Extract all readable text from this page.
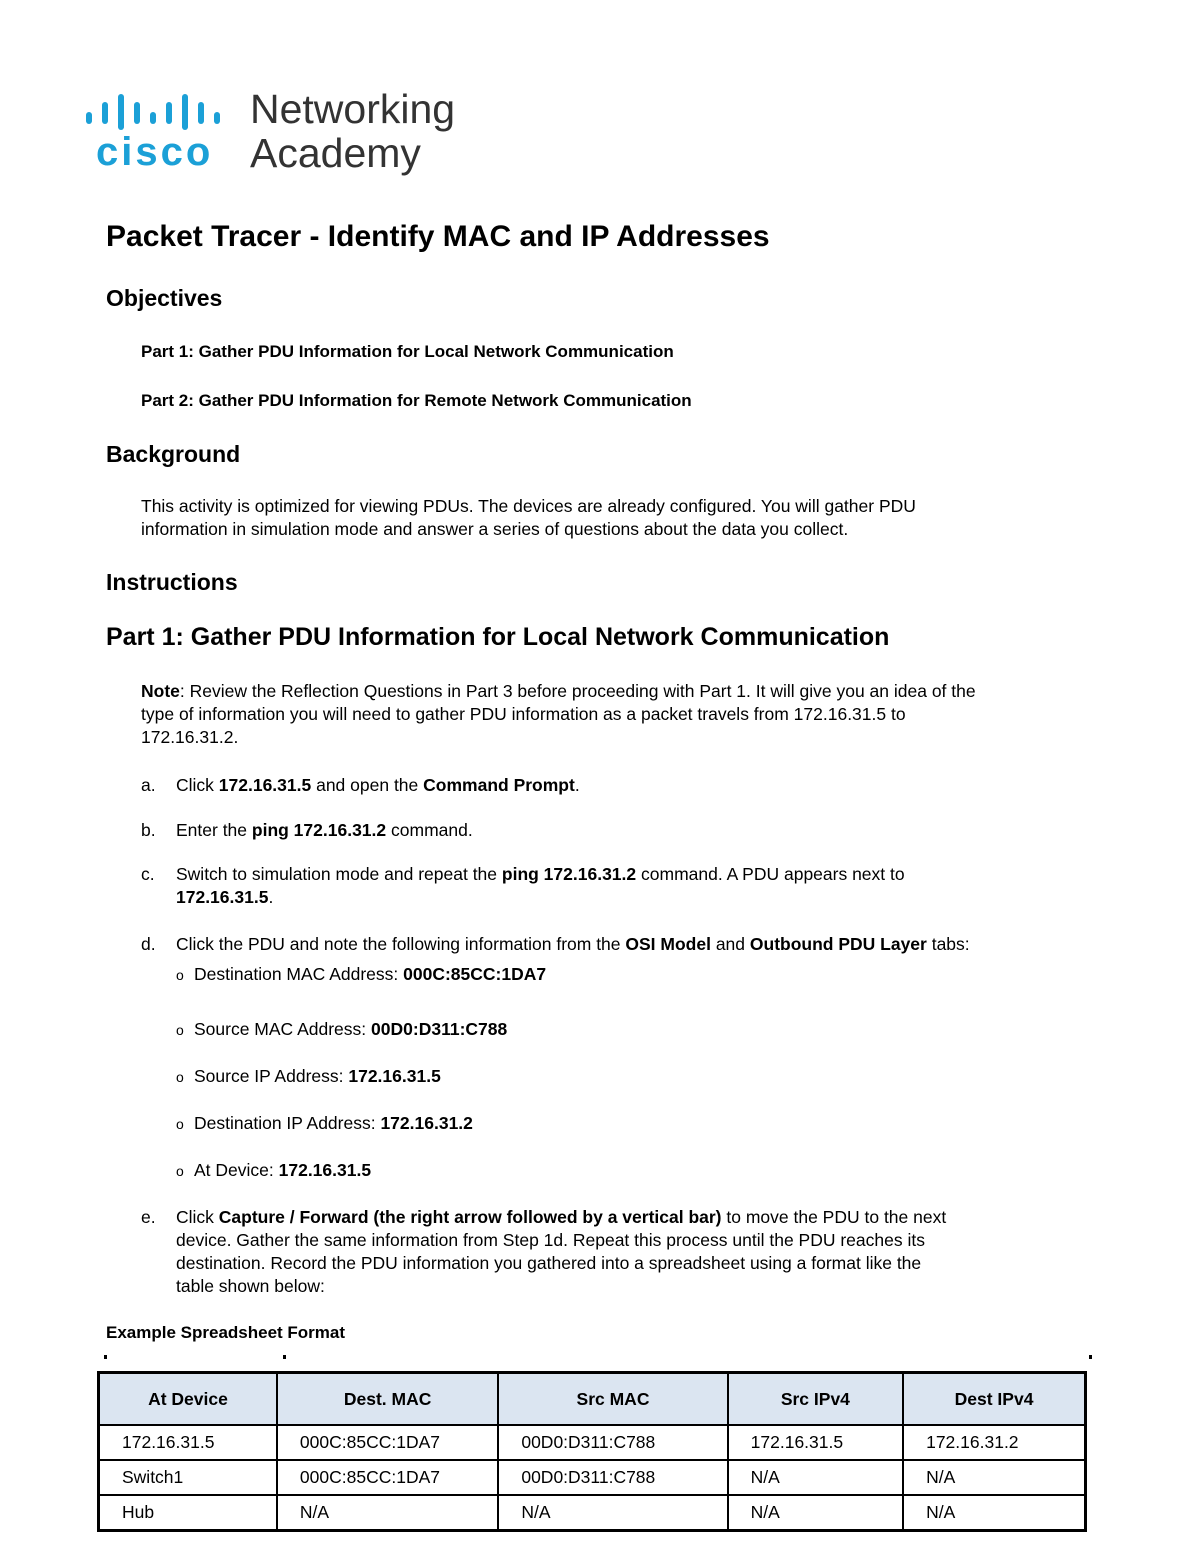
cisco
Networking
Academy
Packet Tracer - Identify MAC and IP Addresses
Objectives
Part 1: Gather PDU Information for Local Network Communication
Part 2: Gather PDU Information for Remote Network Communication
Background
This activity is optimized for viewing PDUs. The devices are already configured. You will gather PDU
information in simulation mode and answer a series of questions about the data you collect.
Instructions
Part 1: Gather PDU Information for Local Network Communication
Note: Review the Reflection Questions in Part 3 before proceeding with Part 1. It will give you an idea of the
type of information you will need to gather PDU information as a packet travels from 172.16.31.5 to
172.16.31.2.
a.	Click 172.16.31.5 and open the Command Prompt.
b.	Enter the ping 172.16.31.2 command.
c.	Switch to simulation mode and repeat the ping 172.16.31.2 command. A PDU appears next to
172.16.31.5.
d.	Click the PDU and note the following information from the OSI Model and Outbound PDU Layer tabs:
o Destination MAC Address: 000C:85CC:1DA7
o Source MAC Address: 00D0:D311:C788
o Source IP Address: 172.16.31.5
o Destination IP Address: 172.16.31.2
o At Device: 172.16.31.5
e.	Click Capture / Forward (the right arrow followed by a vertical bar) to move the PDU to the next
device. Gather the same information from Step 1d. Repeat this process until the PDU reaches its
destination. Record the PDU information you gathered into a spreadsheet using a format like the
table shown below:
Example Spreadsheet Format
At Device	Dest. MAC	Src MAC	Src IPv4	Dest IPv4
172.16.31.5	000C:85CC:1DA7	00D0:D311:C788	172.16.31.5	172.16.31.2
Switch1	000C:85CC:1DA7	00D0:D311:C788	N/A	N/A
Hub	N/A	N/A	N/A	N/A
